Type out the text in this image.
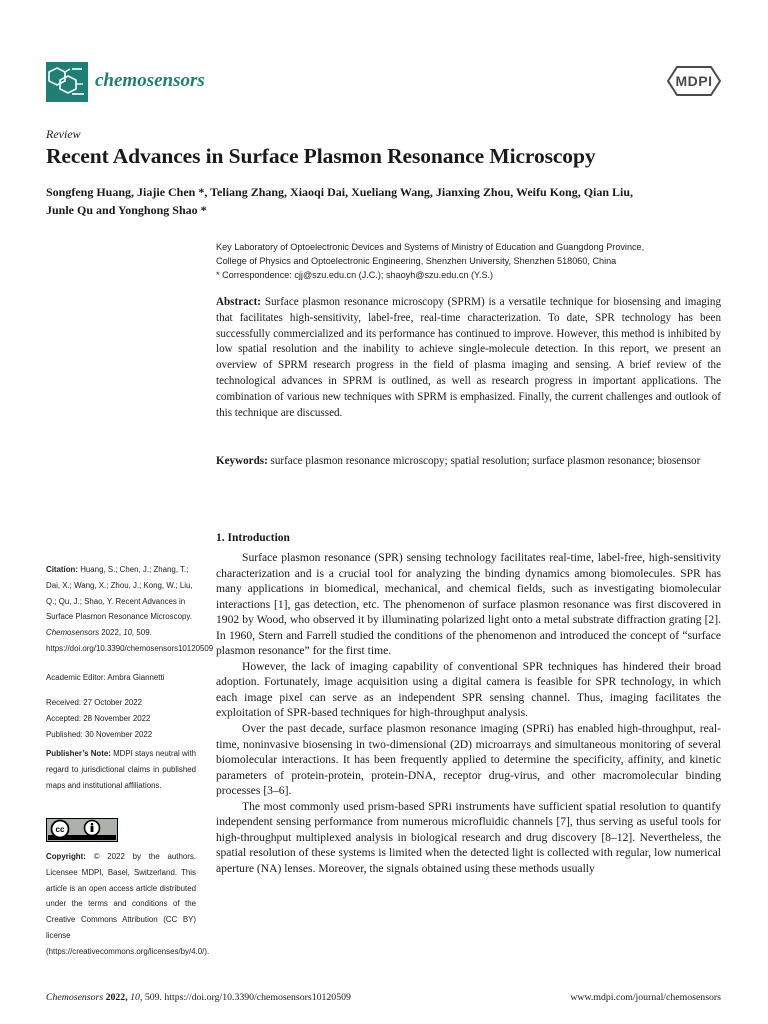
chemosensors	MDPI
Review
Recent Advances in Surface Plasmon Resonance Microscopy
Songfeng Huang, Jiajie Chen *, Teliang Zhang, Xiaoqi Dai, Xueliang Wang, Jianxing Zhou, Weifu Kong, Qian Liu,
Junle Qu and Yonghong Shao *
Key Laboratory of Optoelectronic Devices and Systems of Ministry of Education and Guangdong Province,
College of Physics and Optoelectronic Engineering, Shenzhen University, Shenzhen 518060, China
* Correspondence: cjj@szu.edu.cn (J.C.); shaoyh@szu.edu.cn (Y.S.)
Abstract: Surface plasmon resonance microscopy (SPRM) is a versatile technique for biosensing and imaging that facilitates high-sensitivity, label-free, real-time characterization. To date, SPR technology has been successfully commercialized and its performance has continued to improve. However, this method is inhibited by low spatial resolution and the inability to achieve single-molecule detection. In this report, we present an overview of SPRM research progress in the field of plasma imaging and sensing. A brief review of the technological advances in SPRM is outlined, as well as research progress in important applications. The combination of various new techniques with SPRM is emphasized. Finally, the current challenges and outlook of this technique are discussed.
Keywords: surface plasmon resonance microscopy; spatial resolution; surface plasmon resonance; biosensor
1. Introduction

Surface plasmon resonance (SPR) sensing technology facilitates real-time, label-free, high-sensitivity characterization and is a crucial tool for analyzing the binding dynamics among biomolecules. SPR has many applications in biomedical, mechanical, and chemical fields, such as investigating biomolecular interactions [1], gas detection, etc. The phenomenon of surface plasmon resonance was first discovered in 1902 by Wood, who observed it by illuminating polarized light onto a metal substrate diffraction grating [2]. In 1960, Stern and Farrell studied the conditions of the phenomenon and introduced the concept of “surface plasmon resonance” for the first time.

However, the lack of imaging capability of conventional SPR techniques has hindered their broad adoption. Fortunately, image acquisition using a digital camera is feasible for SPR technology, in which each image pixel can serve as an independent SPR sensing channel. Thus, imaging facilitates the exploitation of SPR-based techniques for high-throughput analysis.

Over the past decade, surface plasmon resonance imaging (SPRi) has enabled high-throughput, real-time, noninvasive biosensing in two-dimensional (2D) microarrays and simultaneous monitoring of several biomolecular interactions. It has been frequently applied to determine the specificity, affinity, and kinetic parameters of protein-protein, protein-DNA, receptor drug-virus, and other macromolecular binding processes [3–6].

The most commonly used prism-based SPRi instruments have sufficient spatial resolution to quantify independent sensing performance from numerous microfluidic channels [7], thus serving as useful tools for high-throughput multiplexed analysis in biological research and drug discovery [8–12]. Nevertheless, the spatial resolution of these systems is limited when the detected light is collected with regular, low numerical aperture (NA) lenses. Moreover, the signals obtained using these methods usually

Citation: Huang, S.; Chen, J.; Zhang, T.; Dai, X.; Wang, X.; Zhou, J.; Kong, W.; Liu, Q.; Qu, J.; Shao, Y. Recent Advances in Surface Plasmon Resonance Microscopy. Chemosensors 2022, 10, 509. https://doi.org/10.3390/chemosensors10120509
Academic Editor: Ambra Giannetti
Received: 27 October 2022
Accepted: 28 November 2022
Published: 30 November 2022
Publisher’s Note: MDPI stays neutral with regard to jurisdictional claims in published maps and institutional affiliations.
cc
Copyright: © 2022 by the authors. Licensee MDPI, Basel, Switzerland. This article is an open access article distributed under the terms and conditions of the Creative Commons Attribution (CC BY) license (https://creativecommons.org/licenses/by/4.0/).
Chemosensors 2022, 10, 509. https://doi.org/10.3390/chemosensors10120509	www.mdpi.com/journal/chemosensors
